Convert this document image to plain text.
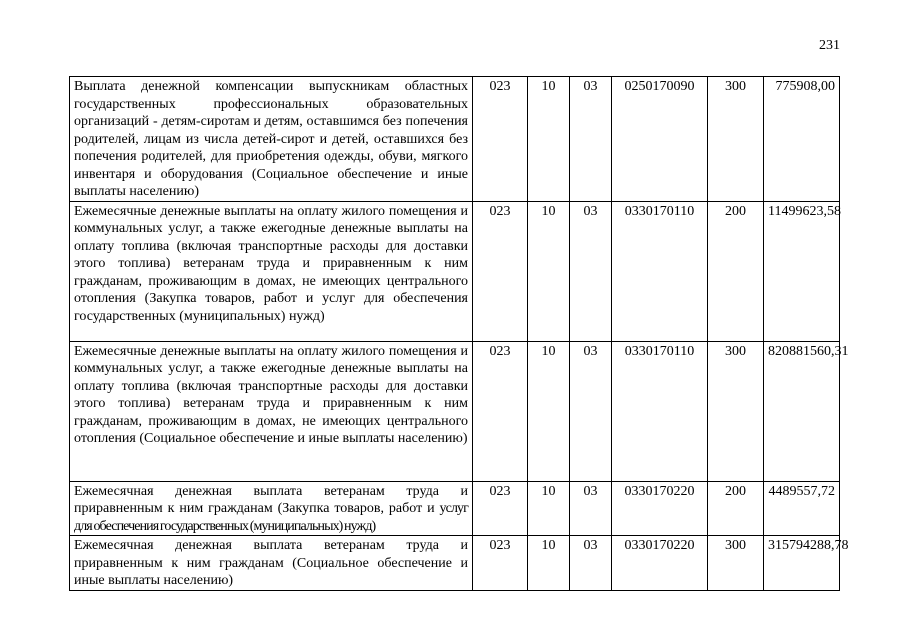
231
Выплата денежной компенсации выпускникам областных государственных профессиональных образовательных организаций - детям-сиротам и детям, оставшимся без попечения родителей, лицам из числа детей-сирот и детей, оставшихся без попечения родителей, для приобретения одежды, обуви, мягкого инвентаря и оборудования (Социальное обеспечение и иные выплаты населению)	023	10	03	0250170090	300	775908,00
Ежемесячные денежные выплаты на оплату жилого помещения и коммунальных услуг, а также ежегодные денежные выплаты на оплату топлива (включая транспортные расходы для доставки этого топлива) ветеранам труда и приравненным к ним гражданам, проживающим в домах, не имеющих центрального отопления (Закупка товаров, работ и услуг для обеспечения государственных (муниципальных) нужд)	023	10	03	0330170110	200	11499623,58
Ежемесячные денежные выплаты на оплату жилого помещения и коммунальных услуг, а также ежегодные денежные выплаты на оплату топлива (включая транспортные расходы для доставки этого топлива) ветеранам труда и приравненным к ним гражданам, проживающим в домах, не имеющих центрального отопления (Социальное обеспечение и иные выплаты населению)	023	10	03	0330170110	300	820881560,31
Ежемесячная денежная выплата ветеранам труда и приравненным к ним гражданам (Закупка товаров, работ и услуг для обеспечения государственных (муниципальных) нужд)	023	10	03	0330170220	200	4489557,72
Ежемесячная денежная выплата ветеранам труда и приравненным к ним гражданам (Социальное обеспечение и иные выплаты населению)	023	10	03	0330170220	300	315794288,78
